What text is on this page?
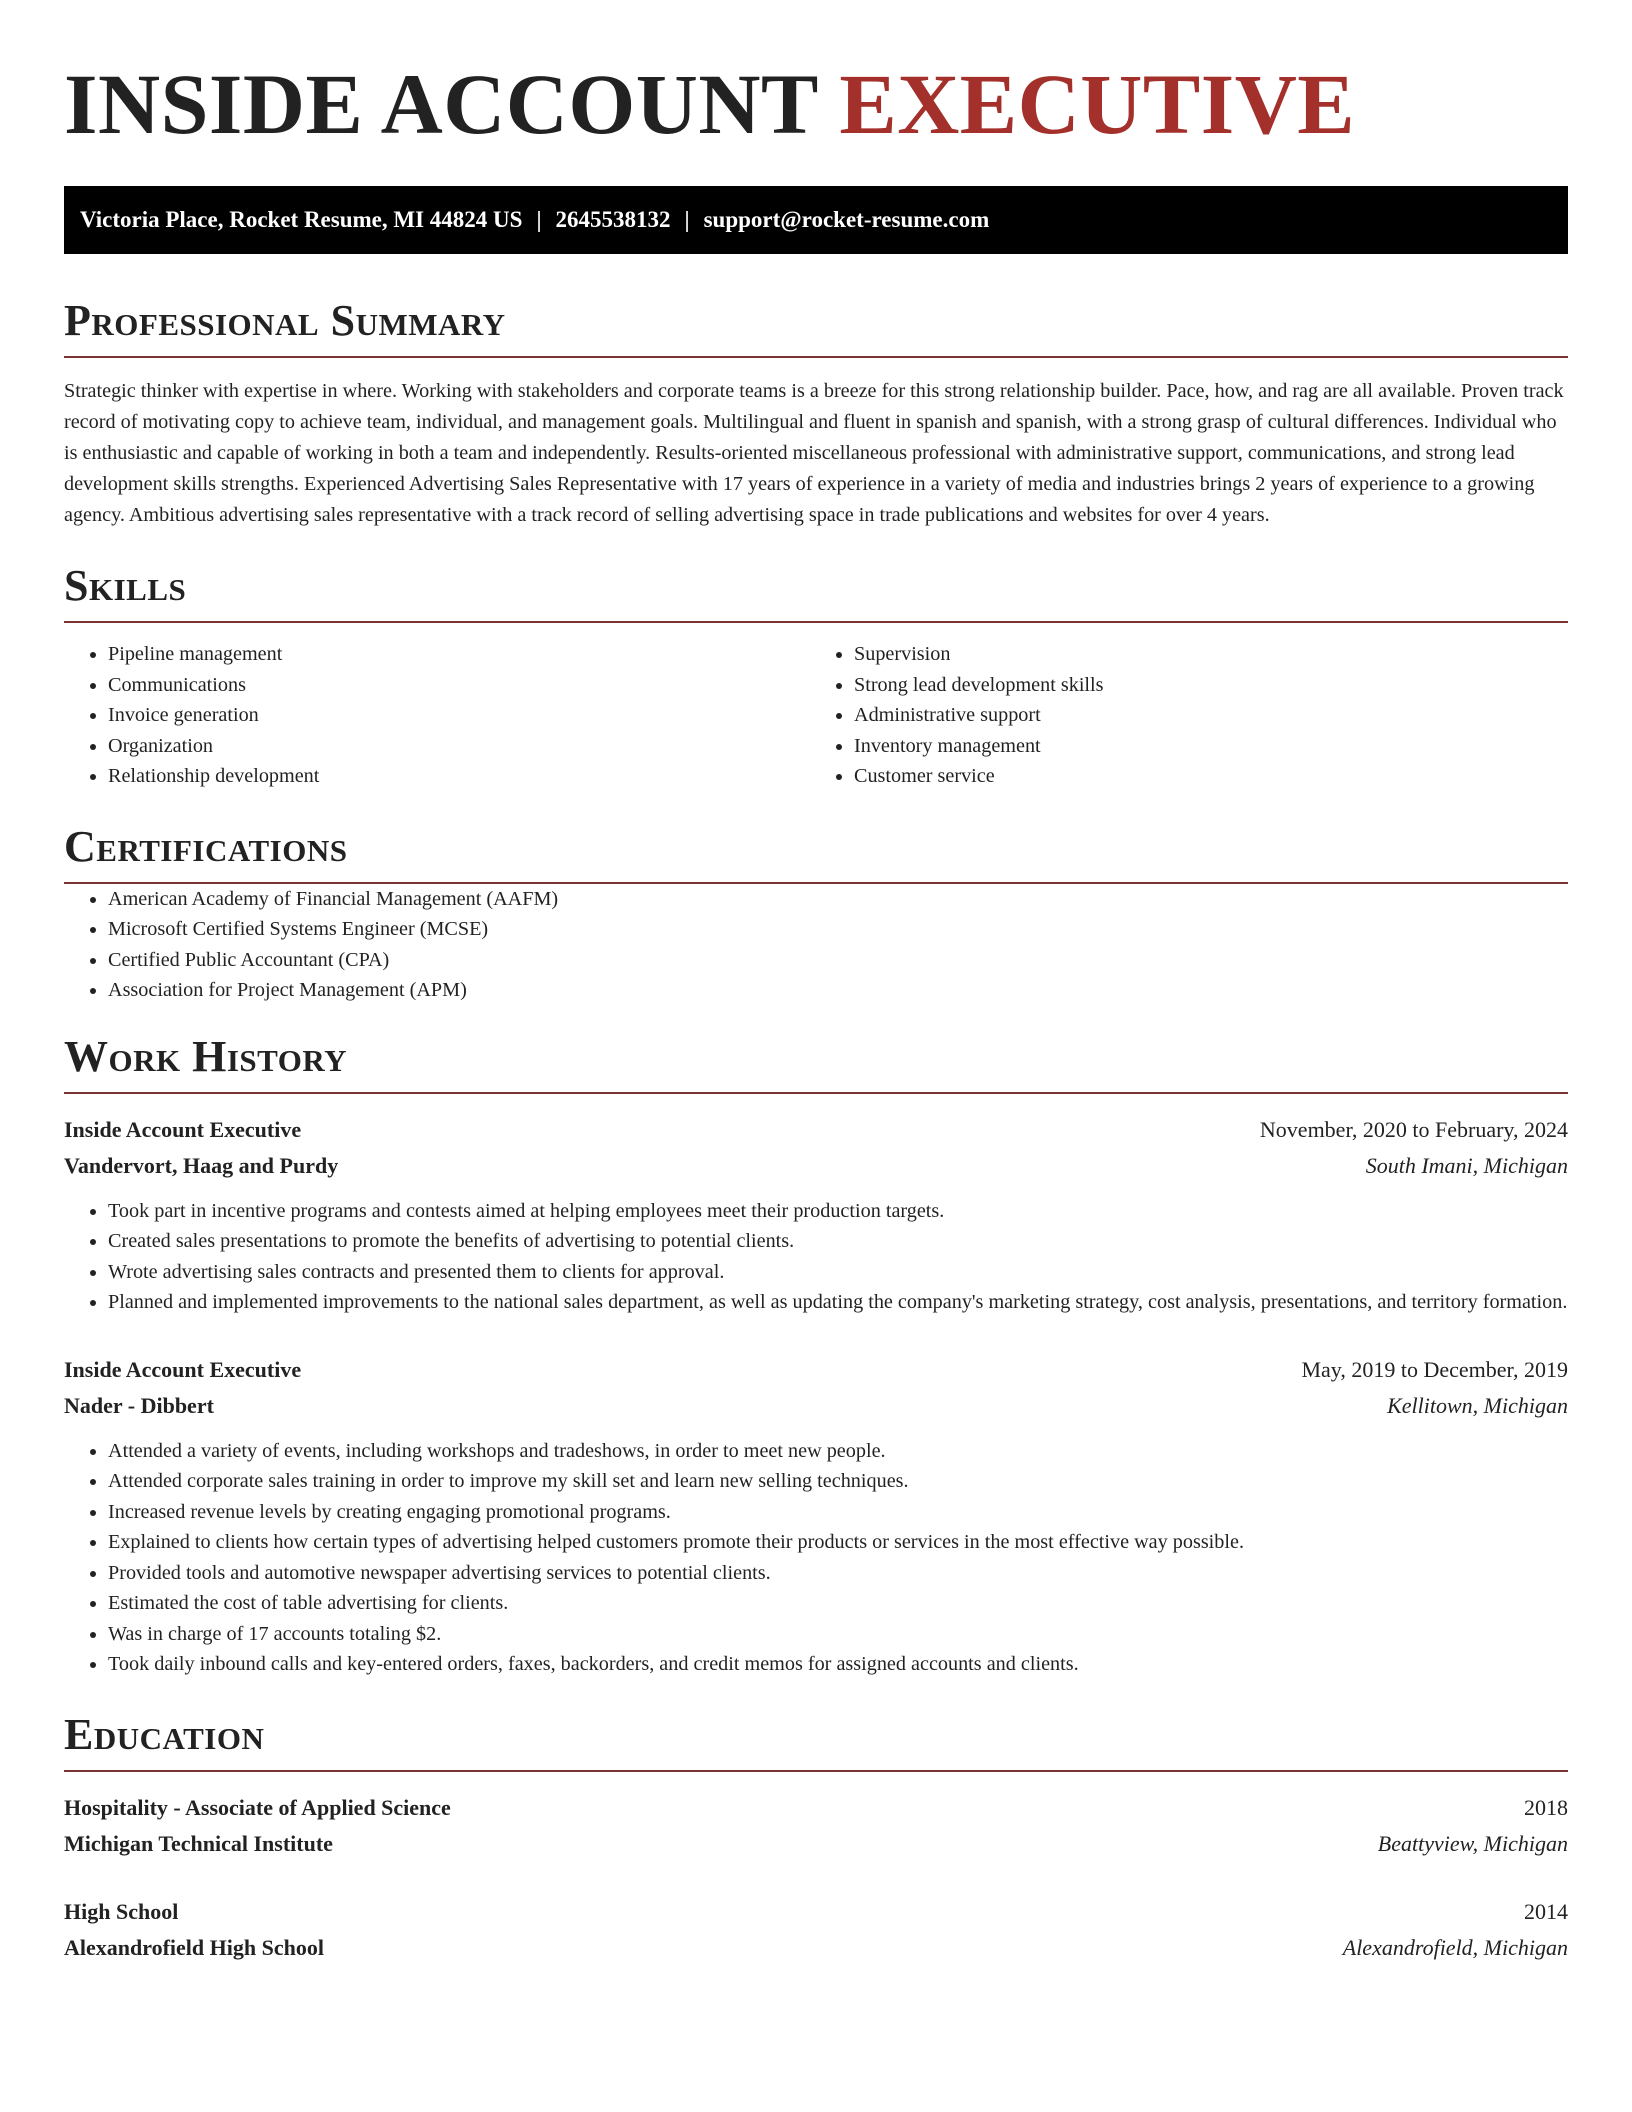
INSIDE ACCOUNT EXECUTIVE
Victoria Place, Rocket Resume, MI 44824 US | 2645538132 | support@rocket-resume.com
Professional Summary

Strategic thinker with expertise in where. Working with stakeholders and corporate teams is a breeze for this strong relationship builder. Pace, how, and rag are all available. Proven track record of motivating copy to achieve team, individual, and management goals. Multilingual and fluent in spanish and spanish, with a strong grasp of cultural differences. Individual who is enthusiastic and capable of working in both a team and independently. Results-oriented miscellaneous professional with administrative support, communications, and strong lead development skills strengths. Experienced Advertising Sales Representative with 17 years of experience in a variety of media and industries brings 2 years of experience to a growing agency. Ambitious advertising sales representative with a track record of selling advertising space in trade publications and websites for over 4 years.

Skills
• Pipeline management
• Communications
• Invoice generation
• Organization
• Relationship development
• Supervision
• Strong lead development skills
• Administrative support
• Inventory management
• Customer service
Certifications
• American Academy of Financial Management (AAFM)
• Microsoft Certified Systems Engineer (MCSE)
• Certified Public Accountant (CPA)
• Association for Project Management (APM)
Work History
Inside Account Executive	November, 2020 to February, 2024
Vandervort, Haag and Purdy	South Imani, Michigan
• Took part in incentive programs and contests aimed at helping employees meet their production targets.
• Created sales presentations to promote the benefits of advertising to potential clients.
• Wrote advertising sales contracts and presented them to clients for approval.
• Planned and implemented improvements to the national sales department, as well as updating the company's marketing strategy, cost analysis, presentations, and territory formation.
Inside Account Executive	May, 2019 to December, 2019
Nader - Dibbert	Kellitown, Michigan
• Attended a variety of events, including workshops and tradeshows, in order to meet new people.
• Attended corporate sales training in order to improve my skill set and learn new selling techniques.
• Increased revenue levels by creating engaging promotional programs.
• Explained to clients how certain types of advertising helped customers promote their products or services in the most effective way possible.
• Provided tools and automotive newspaper advertising services to potential clients.
• Estimated the cost of table advertising for clients.
• Was in charge of 17 accounts totaling $2.
• Took daily inbound calls and key-entered orders, faxes, backorders, and credit memos for assigned accounts and clients.
Education
Hospitality - Associate of Applied Science	2018
Michigan Technical Institute	Beattyview, Michigan
High School	2014
Alexandrofield High School	Alexandrofield, Michigan
